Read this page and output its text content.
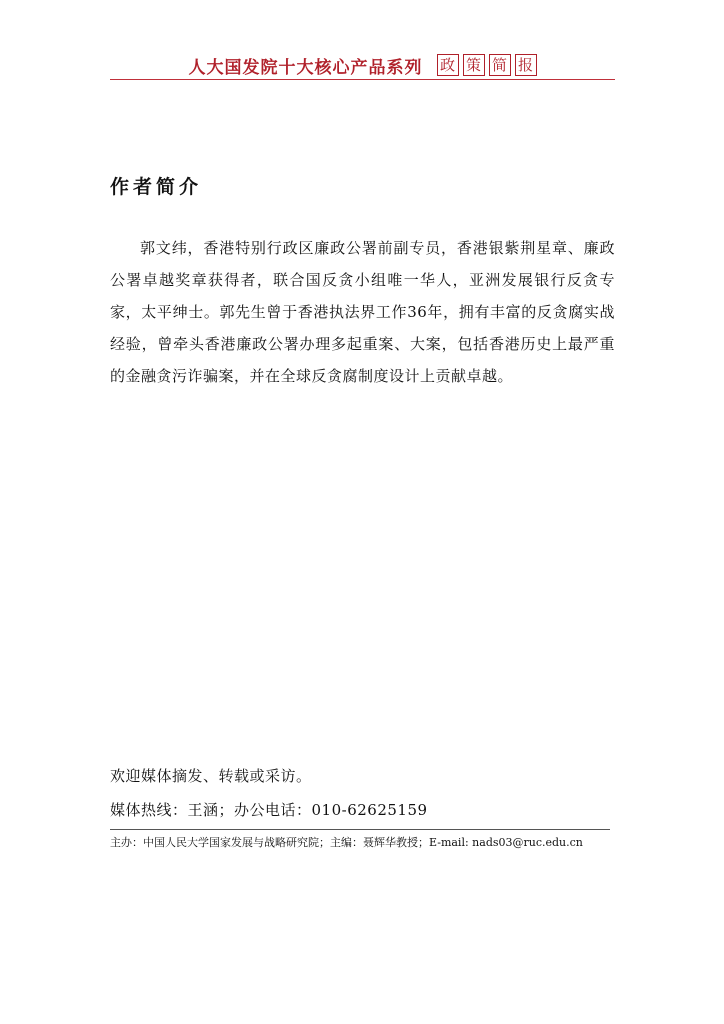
人大国发院十大核心产品系列 政 策 简 报
作者简介

郭文纬，香港特别行政区廉政公署前副专员，香港银紫荆星章、廉政公署卓越奖章获得者，联合国反贪小组唯一华人，亚洲发展银行反贪专家，太平绅士。郭先生曾于香港执法界工作36年，拥有丰富的反贪腐实战经验，曾牵头香港廉政公署办理多起重案、大案，包括香港历史上最严重的金融贪污诈骗案，并在全球反贪腐制度设计上贡献卓越。

欢迎媒体摘发、转载或采访。
媒体热线：王涵；办公电话：010-62625159
主办：中国人民大学国家发展与战略研究院；主编：聂辉华教授；E-mail: nads03@ruc.edu.cn
